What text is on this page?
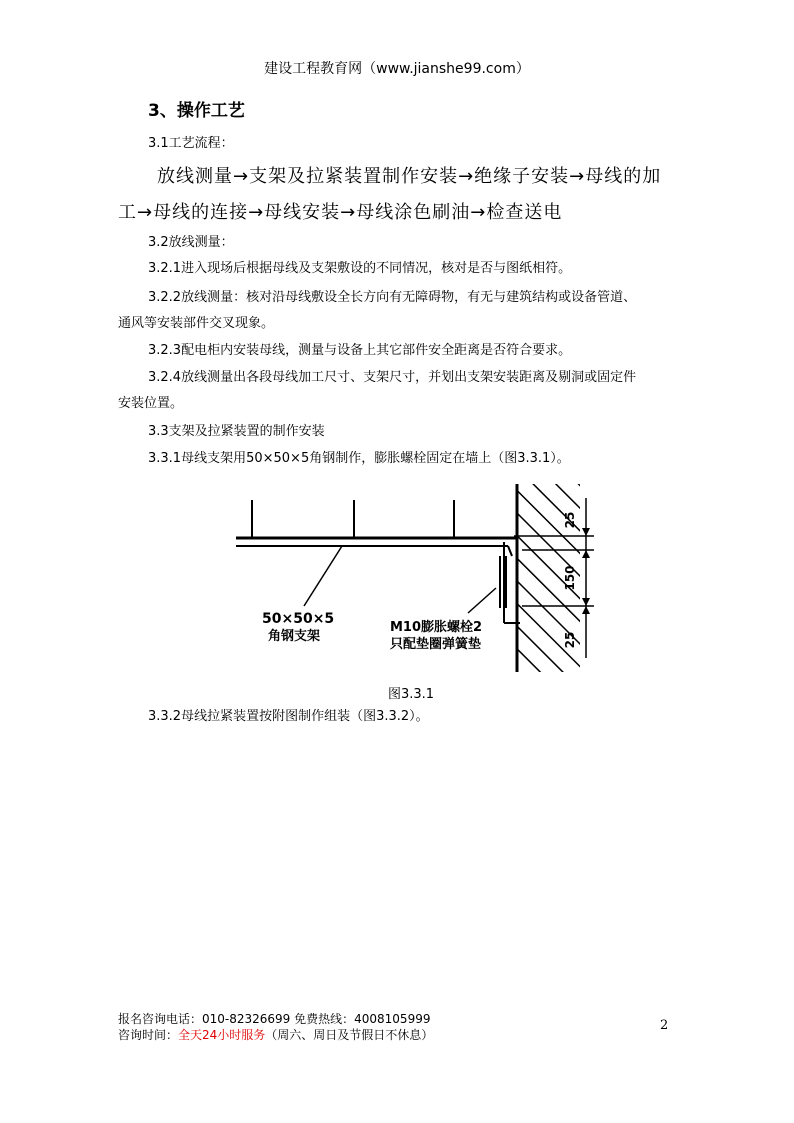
建设工程教育网（www.jianshe99.com）
3、操作工艺
3.1工艺流程：
放线测量→支架及拉紧装置制作安装→绝缘子安装→母线的加
工→母线的连接→母线安装→母线涂色刷油→检查送电
3.2放线测量：
3.2.1进入现场后根据母线及支架敷设的不同情况，核对是否与图纸相符。
3.2.2放线测量：核对沿母线敷设全长方向有无障碍物，有无与建筑结构或设备管道、
通风等安装部件交叉现象。
3.2.3配电柜内安装母线，测量与设备上其它部件安全距离是否符合要求。
3.2.4放线测量出各段母线加工尺寸、支架尺寸，并划出支架安装距离及剔洞或固定件
安装位置。
3.3支架及拉紧装置的制作安装
3.3.1母线支架用50×50×5角钢制作，膨胀螺栓固定在墙上（图3.3.1）。
25
150
25
50×50×5
角钢支架
M10膨胀螺栓2
只配垫圈弹簧垫
图3.3.1
3.3.2母线拉紧装置按附图制作组装（图3.3.2）。
报名咨询电话：010-82326699 免费热线：4008105999
咨询时间：全天24小时服务（周六、周日及节假日不休息）
2
